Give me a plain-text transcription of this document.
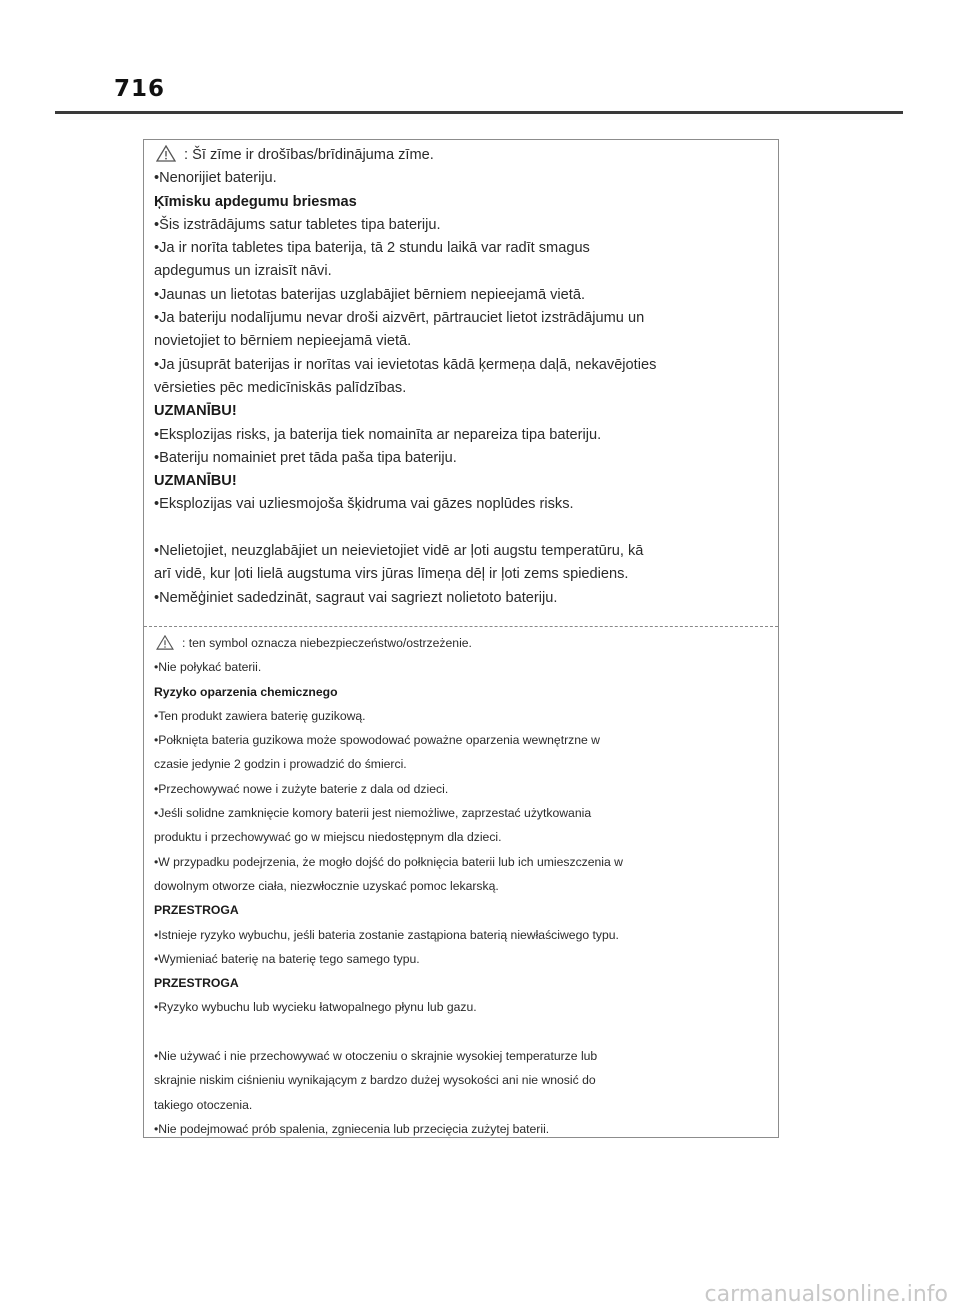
716
: Šī zīme ir drošības/brīdinājuma zīme.
•Nenorijiet bateriju.
Ķīmisku apdegumu briesmas
•Šis izstrādājums satur tabletes tipa bateriju.
•Ja ir norīta tabletes tipa baterija, tā 2 stundu laikā var radīt smagus
apdegumus un izraisīt nāvi.
•Jaunas un lietotas baterijas uzglabājiet bērniem nepieejamā vietā.
•Ja bateriju nodalījumu nevar droši aizvērt, pārtrauciet lietot izstrādājumu un
novietojiet to bērniem nepieejamā vietā.
•Ja jūsuprāt baterijas ir norītas vai ievietotas kādā ķermeņa daļā, nekavējoties
vērsieties pēc medicīniskās palīdzības.
UZMANĪBU!
•Eksplozijas risks, ja baterija tiek nomainīta ar nepareiza tipa bateriju.
•Bateriju nomainiet pret tāda paša tipa bateriju.
UZMANĪBU!
•Eksplozijas vai uzliesmojoša šķidruma vai gāzes noplūdes risks.
•Nelietojiet, neuzglabājiet un neievietojiet vidē ar ļoti augstu temperatūru, kā
arī vidē, kur ļoti lielā augstuma virs jūras līmeņa dēļ ir ļoti zems spiediens.
•Neměģiniet sadedzināt, sagraut vai sagriezt nolietoto bateriju.
: ten symbol oznacza niebezpieczeństwo/ostrzeżenie.
•Nie połykać baterii.
Ryzyko oparzenia chemicznego
•Ten produkt zawiera baterię guzikową.
•Połknięta bateria guzikowa może spowodować poważne oparzenia wewnętrzne w
czasie jedynie 2 godzin i prowadzić do śmierci.
•Przechowywać nowe i zużyte baterie z dala od dzieci.
•Jeśli solidne zamknięcie komory baterii jest niemożliwe, zaprzestać użytkowania
produktu i przechowywać go w miejscu niedostępnym dla dzieci.
•W przypadku podejrzenia, że mogło dojść do połknięcia baterii lub ich umieszczenia w
dowolnym otworze ciała, niezwłocznie uzyskać pomoc lekarską.
PRZESTROGA
•Istnieje ryzyko wybuchu, jeśli bateria zostanie zastąpiona baterią niewłaściwego typu.
•Wymieniać baterię na baterię tego samego typu.
PRZESTROGA
•Ryzyko wybuchu lub wycieku łatwopalnego płynu lub gazu.
•Nie używać i nie przechowywać w otoczeniu o skrajnie wysokiej temperaturze lub
skrajnie niskim ciśnieniu wynikającym z bardzo dużej wysokości ani nie wnosić do
takiego otoczenia.
•Nie podejmować prób spalenia, zgniecenia lub przecięcia zużytej baterii.
carmanualsonline.info
